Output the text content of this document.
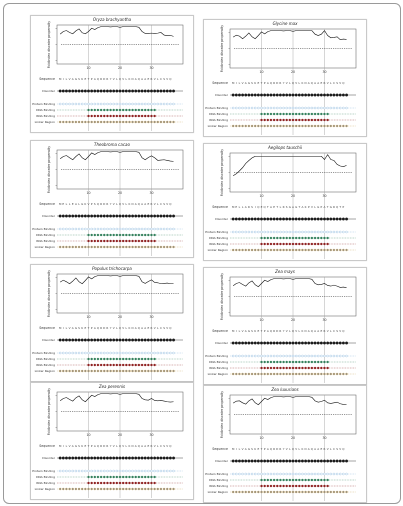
Oryza brachyantha
10	20	30
FoldIndex disorder propensity
Sequence M I L V A G S K E T P A Q R D R Y V L Q V L K D A Q A A E R V L C S V Q
Disorder
Protein Binding
DNA Binding
RNA Binding
Linker Region
Glycine max
10	20	30
FoldIndex disorder propensity
Sequence M I L V A G S K E T P A Q R D R Y V L Q V L K D A Q A A E R V L C S V Q
Disorder
Protein Binding
DNA Binding
RNA Binding
Linker Region
Theobroma cacao
10	20	30
FoldIndex disorder propensity
Sequence M E L L E A L G K V P S Q R D R Y V L Q V L K D A Q A A E R V L C S V Q
Disorder
Protein Binding
DNA Binding
RNA Binding
Linker Region
Aegilops tauschii
10	20	30
FoldIndex disorder propensity
Sequence M E L L A R S I Q E Q T A E T L R S G A G T A K P V L G P A T G R Q T P
Disorder
Protein Binding
DNA Binding
RNA Binding
Linker Region
Populus trichocarpa
10	20	30
FoldIndex disorder propensity
Sequence M I L V A G S K E T P A Q R D R Y V L Q V L K D A Q A A E R V L C S V Q
Disorder
Protein Binding
DNA Binding
RNA Binding
Linker Region
Zea mays
10	20	30
FoldIndex disorder propensity
Sequence M I L V A G S K E T P A Q R D R Y V L Q V L K D A Q A A E R V L C S V Q
Disorder
Protein Binding
DNA Binding
RNA Binding
Linker Region
Zea perennis
10	20	30
FoldIndex disorder propensity
Sequence M I L V A G S K E T P A Q R D R Y V L Q V L K D A Q A A E R V L C S V Q
Disorder
Protein Binding
DNA Binding
RNA Binding
Linker Region
Zea luxurians
10	20	30
FoldIndex disorder propensity
Sequence M I L V A G S K E T P A Q R D R Y V L Q V L K D A Q A A E R V L C S V Q
Disorder
Protein Binding
DNA Binding
RNA Binding
Linker Region
